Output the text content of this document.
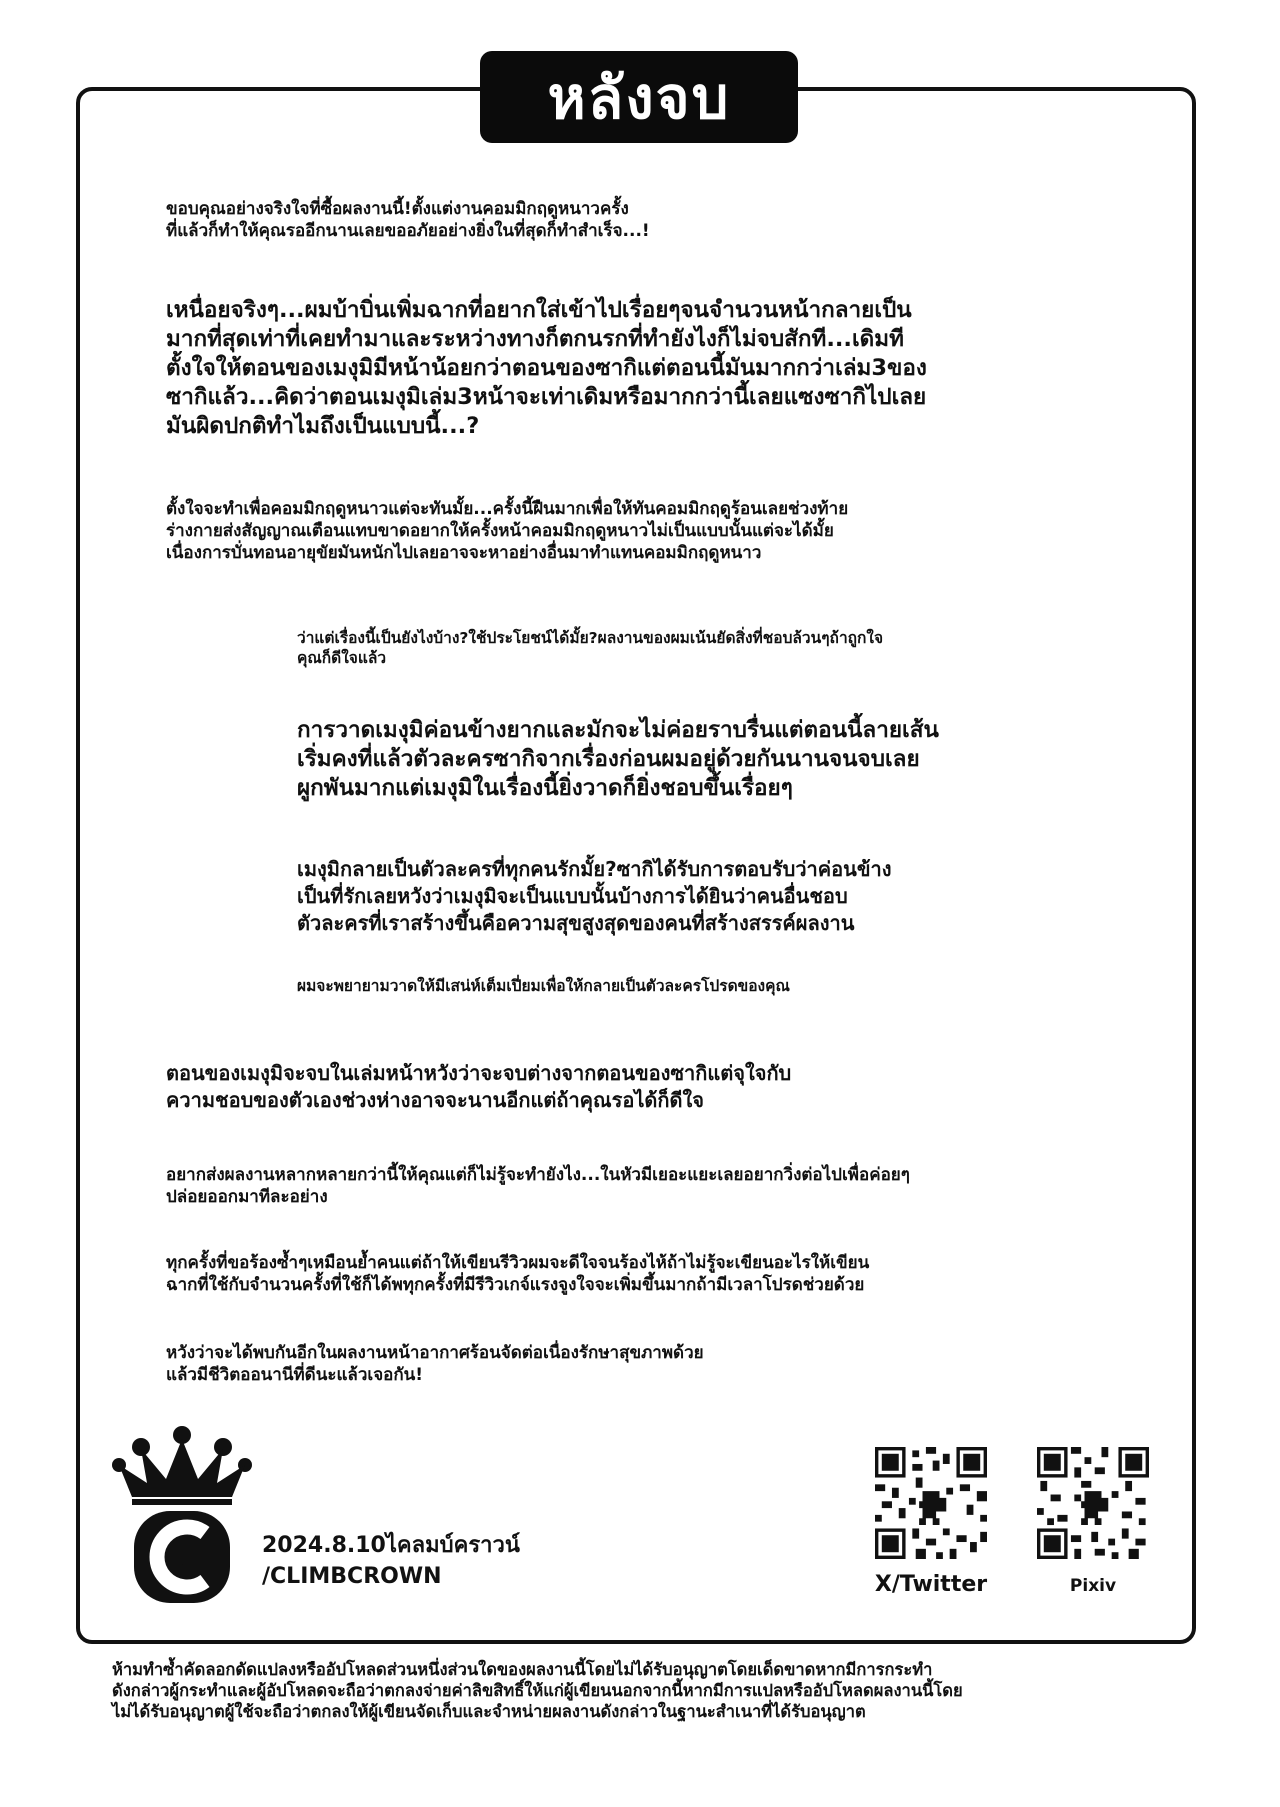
หลังจบ

ขอบคุณอย่างจริงใจที่ซื้อผลงานนี้!ตั้งแต่งานคอมมิกฤดูหนาวครั้ง
ที่แล้วก็ทำให้คุณรออีกนานเลยขออภัยอย่างยิ่งในที่สุดก็ทำสำเร็จ...!

เหนื่อยจริงๆ...ผมบ้าบิ่นเพิ่มฉากที่อยากใส่เข้าไปเรื่อยๆจนจำนวนหน้ากลายเป็น
มากที่สุดเท่าที่เคยทำมาและระหว่างทางก็ตกนรกที่ทำยังไงก็ไม่จบสักที...เดิมที
ตั้งใจให้ตอนของเมงุมิมีหน้าน้อยกว่าตอนของซากิแต่ตอนนี้มันมากกว่าเล่ม3ของ
ซากิแล้ว...คิดว่าตอนเมงุมิเล่ม3หน้าจะเท่าเดิมหรือมากกว่านี้เลยแซงซากิไปเลย
มันผิดปกติทำไมถึงเป็นแบบนี้...?

ตั้งใจจะทำเพื่อคอมมิกฤดูหนาวแต่จะทันมั้ย...ครั้งนี้ฝืนมากเพื่อให้ทันคอมมิกฤดูร้อนเลยช่วงท้าย
ร่างกายส่งสัญญาณเตือนแทบขาดอยากให้ครั้งหน้าคอมมิกฤดูหนาวไม่เป็นแบบนั้นแต่จะได้มั้ย
เนื่องการบั่นทอนอายุขัยมันหนักไปเลยอาจจะหาอย่างอื่นมาทำแทนคอมมิกฤดูหนาว

ว่าแต่เรื่องนี้เป็นยังไงบ้าง?ใช้ประโยชน์ได้มั้ย?ผลงานของผมเน้นยัดสิ่งที่ชอบล้วนๆถ้าถูกใจ
คุณก็ดีใจแล้ว

การวาดเมงุมิค่อนข้างยากและมักจะไม่ค่อยราบรื่นแต่ตอนนี้ลายเส้น
เริ่มคงที่แล้วตัวละครซากิจากเรื่องก่อนผมอยู่ด้วยกันนานจนจบเลย
ผูกพันมากแต่เมงุมิในเรื่องนี้ยิ่งวาดก็ยิ่งชอบขึ้นเรื่อยๆ

เมงุมิกลายเป็นตัวละครที่ทุกคนรักมั้ย?ซากิได้รับการตอบรับว่าค่อนข้าง
เป็นที่รักเลยหวังว่าเมงุมิจะเป็นแบบนั้นบ้างการได้ยินว่าคนอื่นชอบ
ตัวละครที่เราสร้างขึ้นคือความสุขสูงสุดของคนที่สร้างสรรค์ผลงาน

ผมจะพยายามวาดให้มีเสน่ห์เต็มเปี่ยมเพื่อให้กลายเป็นตัวละครโปรดของคุณ

ตอนของเมงุมิจะจบในเล่มหน้าหวังว่าจะจบต่างจากตอนของซากิแต่จุใจกับ
ความชอบของตัวเองช่วงห่างอาจจะนานอีกแต่ถ้าคุณรอได้ก็ดีใจ

อยากส่งผลงานหลากหลายกว่านี้ให้คุณแต่ก็ไม่รู้จะทำยังไง...ในหัวมีเยอะแยะเลยอยากวิ่งต่อไปเพื่อค่อยๆ
ปล่อยออกมาทีละอย่าง

ทุกครั้งที่ขอร้องซ้ำๆเหมือนย้ำคนแต่ถ้าให้เขียนรีวิวผมจะดีใจจนร้องไห้ถ้าไม่รู้จะเขียนอะไรให้เขียน
ฉากที่ใช้กับจำนวนครั้งที่ใช้ก็ได้พทุกครั้งที่มีรีวิวเกจ์แรงจูงใจจะเพิ่มขึ้นมากถ้ามีเวลาโปรดช่วยด้วย

หวังว่าจะได้พบกันอีกในผลงานหน้าอากาศร้อนจัดต่อเนื่องรักษาสุขภาพด้วย
แล้วมีชีวิตออนานีที่ดีนะแล้วเจอกัน!

C
2024.8.10ไคลมบ์คราวน์
/CLIMBCROWN	X/Twitter	Pixiv
ห้ามทำซ้ำคัดลอกดัดแปลงหรืออัปโหลดส่วนหนึ่งส่วนใดของผลงานนี้โดยไม่ได้รับอนุญาตโดยเด็ดขาดหากมีการกระทำ
ดังกล่าวผู้กระทำและผู้อัปโหลดจะถือว่าตกลงจ่ายค่าลิขสิทธิ์ให้แก่ผู้เขียนนอกจากนี้หากมีการแปลหรืออัปโหลดผลงานนี้โดย
ไม่ได้รับอนุญาตผู้ใช้จะถือว่าตกลงให้ผู้เขียนจัดเก็บและจำหน่ายผลงานดังกล่าวในฐานะสำเนาที่ได้รับอนุญาต
